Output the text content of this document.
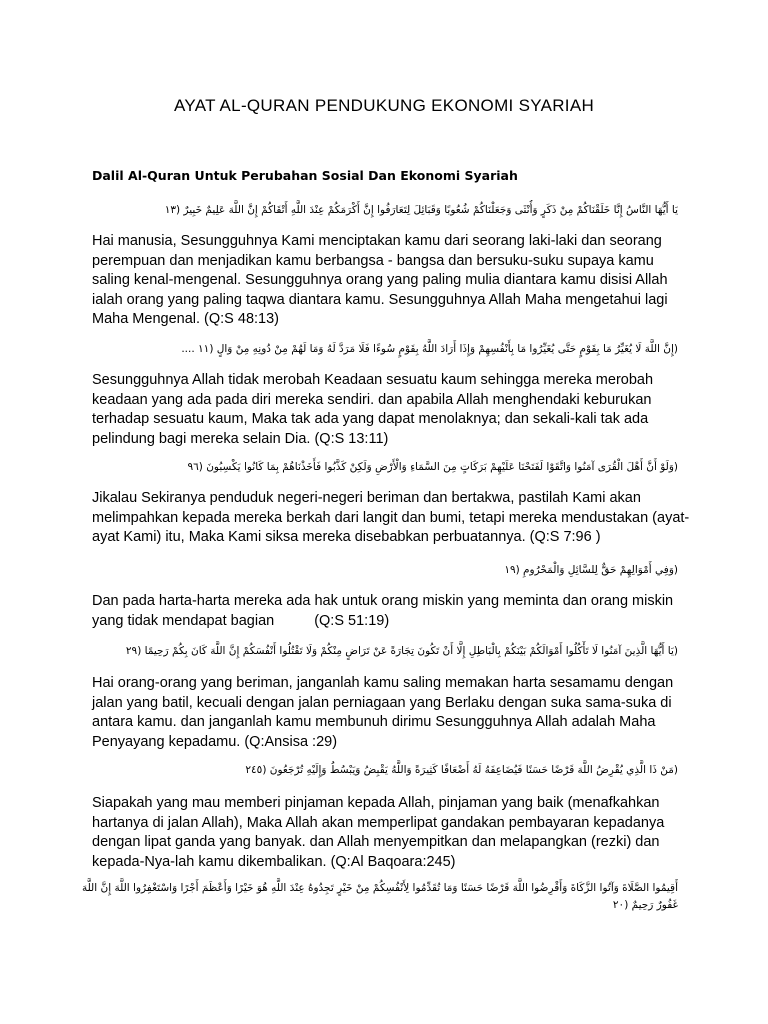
AYAT AL-QURAN PENDUKUNG EKONOMI SYARIAH
Dalil Al-Quran Untuk Perubahan Sosial Dan Ekonomi Syariah
يَا أَيُّهَا النَّاسُ إِنَّا خَلَقْنَاكُمْ مِنْ ذَكَرٍ وَأُنْثَى وَجَعَلْنَاكُمْ شُعُوبًا وَقَبَائِلَ لِتَعَارَفُوا إِنَّ أَكْرَمَكُمْ عِنْدَ اللَّهِ أَتْقَاكُمْ إِنَّ اللَّهَ عَلِيمٌ خَبِيرٌ (١٣

Hai manusia, Sesungguhnya Kami menciptakan kamu dari seorang laki-laki dan seorang perempuan dan menjadikan kamu berbangsa - bangsa dan bersuku-suku supaya kamu saling kenal-mengenal. Sesungguhnya orang yang paling mulia diantara kamu disisi Allah ialah orang yang paling taqwa diantara kamu. Sesungguhnya Allah Maha mengetahui lagi Maha Mengenal. (Q:S 48:13)

(إِنَّ اللَّهَ لَا يُغَيِّرُ مَا بِقَوْمٍ حَتَّى يُغَيِّرُوا مَا بِأَنْفُسِهِمْ وَإِذَا أَرَادَ اللَّهُ بِقَوْمٍ سُوءًا فَلَا مَرَدَّ لَهُ وَمَا لَهُمْ مِنْ دُونِهِ مِنْ وَالٍ (١١ ....

Sesungguhnya Allah tidak merobah Keadaan sesuatu kaum sehingga mereka merobah keadaan yang ada pada diri mereka sendiri. dan apabila Allah menghendaki keburukan terhadap sesuatu kaum, Maka tak ada yang dapat menolaknya; dan sekali-kali tak ada pelindung bagi mereka selain Dia. (Q:S 13:11)

(وَلَوْ أَنَّ أَهْلَ الْقُرَى آمَنُوا وَاتَّقَوْا لَفَتَحْنَا عَلَيْهِمْ بَرَكَاتٍ مِنَ السَّمَاءِ وَالْأَرْضِ وَلَكِنْ كَذَّبُوا فَأَخَذْنَاهُمْ بِمَا كَانُوا يَكْسِبُونَ (٩٦

Jikalau Sekiranya penduduk negeri-negeri beriman dan bertakwa, pastilah Kami akan melimpahkan kepada mereka berkah dari langit dan bumi, tetapi mereka mendustakan (ayat-ayat Kami) itu, Maka Kami siksa mereka disebabkan perbuatannya. (Q:S 7:96 )

(وَفِي أَمْوَالِهِمْ حَقٌّ لِلسَّائِلِ وَالْمَحْرُومِ (١٩

Dan pada harta-harta mereka ada hak untuk orang miskin yang meminta dan orang miskin yang tidak mendapat bagian	(Q:S 51:19)

(يَا أَيُّهَا الَّذِينَ آمَنُوا لَا تَأْكُلُوا أَمْوَالَكُمْ بَيْنَكُمْ بِالْبَاطِلِ إِلَّا أَنْ تَكُونَ تِجَارَةً عَنْ تَرَاضٍ مِنْكُمْ وَلَا تَقْتُلُوا أَنْفُسَكُمْ إِنَّ اللَّهَ كَانَ بِكُمْ رَحِيمًا (٢٩

Hai orang-orang yang beriman, janganlah kamu saling memakan harta sesamamu dengan jalan yang batil, kecuali dengan jalan perniagaan yang Berlaku dengan suka sama-suka di antara kamu. dan janganlah kamu membunuh dirimu Sesungguhnya Allah adalah Maha Penyayang kepadamu. (Q:Ansisa :29)

(مَنْ ذَا الَّذِي يُقْرِضُ اللَّهَ قَرْضًا حَسَنًا فَيُضَاعِفَهُ لَهُ أَضْعَافًا كَثِيرَةً وَاللَّهُ يَقْبِضُ وَيَبْسُطُ وَإِلَيْهِ تُرْجَعُونَ (٢٤٥

Siapakah yang mau memberi pinjaman kepada Allah, pinjaman yang baik (menafkahkan hartanya di jalan Allah), Maka Allah akan memperlipat gandakan pembayaran kepadanya dengan lipat ganda yang banyak. dan Allah menyempitkan dan melapangkan (rezki) dan kepada-Nya-lah kamu dikembalikan. (Q:Al Baqoara:245)

أَقِيمُوا الصَّلَاةَ وَآتُوا الزَّكَاةَ وَأَقْرِضُوا اللَّهَ قَرْضًا حَسَنًا وَمَا تُقَدِّمُوا لِأَنْفُسِكُمْ مِنْ خَيْرٍ تَجِدُوهُ عِنْدَ اللَّهِ هُوَ خَيْرًا وَأَعْظَمَ أَجْرًا وَاسْتَغْفِرُوا اللَّهَ إِنَّ اللَّهَ غَفُورٌ رَحِيمٌ (٢٠
